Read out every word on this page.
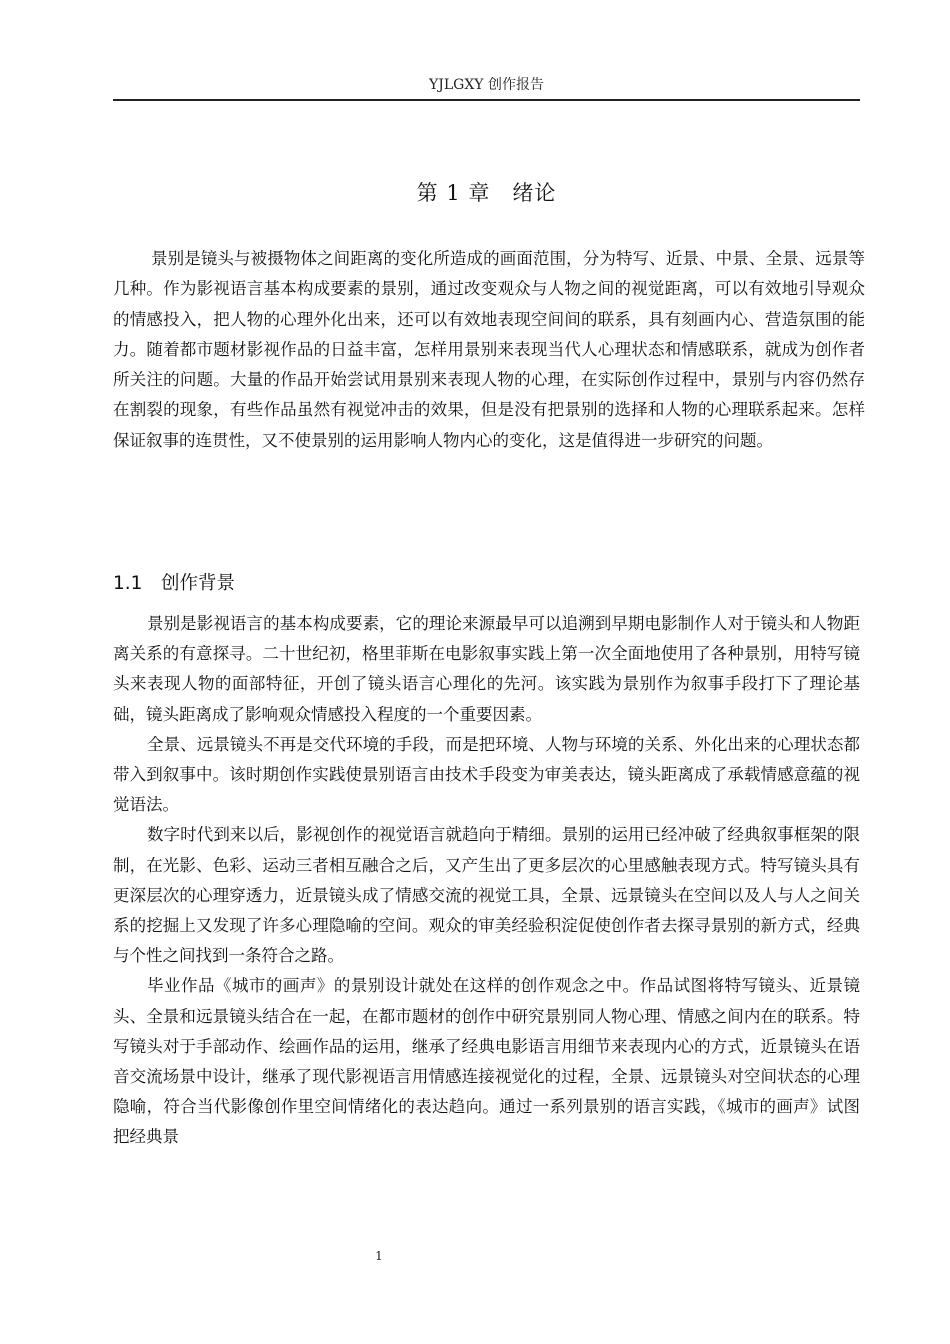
YJLGXY 创作报告
第 1 章　绪论

景别是镜头与被摄物体之间距离的变化所造成的画面范围，分为特写、近景、中景、全景、远景等几种。作为影视语言基本构成要素的景别，通过改变观众与人物之间的视觉距离，可以有效地引导观众的情感投入，把人物的心理外化出来，还可以有效地表现空间间的联系，具有刻画内心、营造氛围的能力。随着都市题材影视作品的日益丰富，怎样用景别来表现当代人心理状态和情感联系，就成为创作者所关注的问题。大量的作品开始尝试用景别来表现人物的心理，在实际创作过程中，景别与内容仍然存在割裂的现象，有些作品虽然有视觉冲击的效果，但是没有把景别的选择和人物的心理联系起来。怎样保证叙事的连贯性，又不使景别的运用影响人物内心的变化，这是值得进一步研究的问题。

1.1 创作背景

景别是影视语言的基本构成要素，它的理论来源最早可以追溯到早期电影制作人对于镜头和人物距离关系的有意探寻。二十世纪初，格里菲斯在电影叙事实践上第一次全面地使用了各种景别，用特写镜头来表现人物的面部特征，开创了镜头语言心理化的先河。该实践为景别作为叙事手段打下了理论基础，镜头距离成了影响观众情感投入程度的一个重要因素。

全景、远景镜头不再是交代环境的手段，而是把环境、人物与环境的关系、外化出来的心理状态都带入到叙事中。该时期创作实践使景别语言由技术手段变为审美表达，镜头距离成了承载情感意蕴的视觉语法。

数字时代到来以后，影视创作的视觉语言就趋向于精细。景别的运用已经冲破了经典叙事框架的限制，在光影、色彩、运动三者相互融合之后，又产生出了更多层次的心里感触表现方式。特写镜头具有更深层次的心理穿透力，近景镜头成了情感交流的视觉工具，全景、远景镜头在空间以及人与人之间关系的挖掘上又发现了许多心理隐喻的空间。观众的审美经验积淀促使创作者去探寻景别的新方式，经典与个性之间找到一条符合之路。

毕业作品《城市的画声》的景别设计就处在这样的创作观念之中。作品试图将特写镜头、近景镜头、全景和远景镜头结合在一起，在都市题材的创作中研究景别同人物心理、情感之间内在的联系。特写镜头对于手部动作、绘画作品的运用，继承了经典电影语言用细节来表现内心的方式，近景镜头在语音交流场景中设计，继承了现代影视语言用情感连接视觉化的过程，全景、远景镜头对空间状态的心理隐喻，符合当代影像创作里空间情绪化的表达趋向。通过一系列景别的语言实践，《城市的画声》试图把经典景

1
